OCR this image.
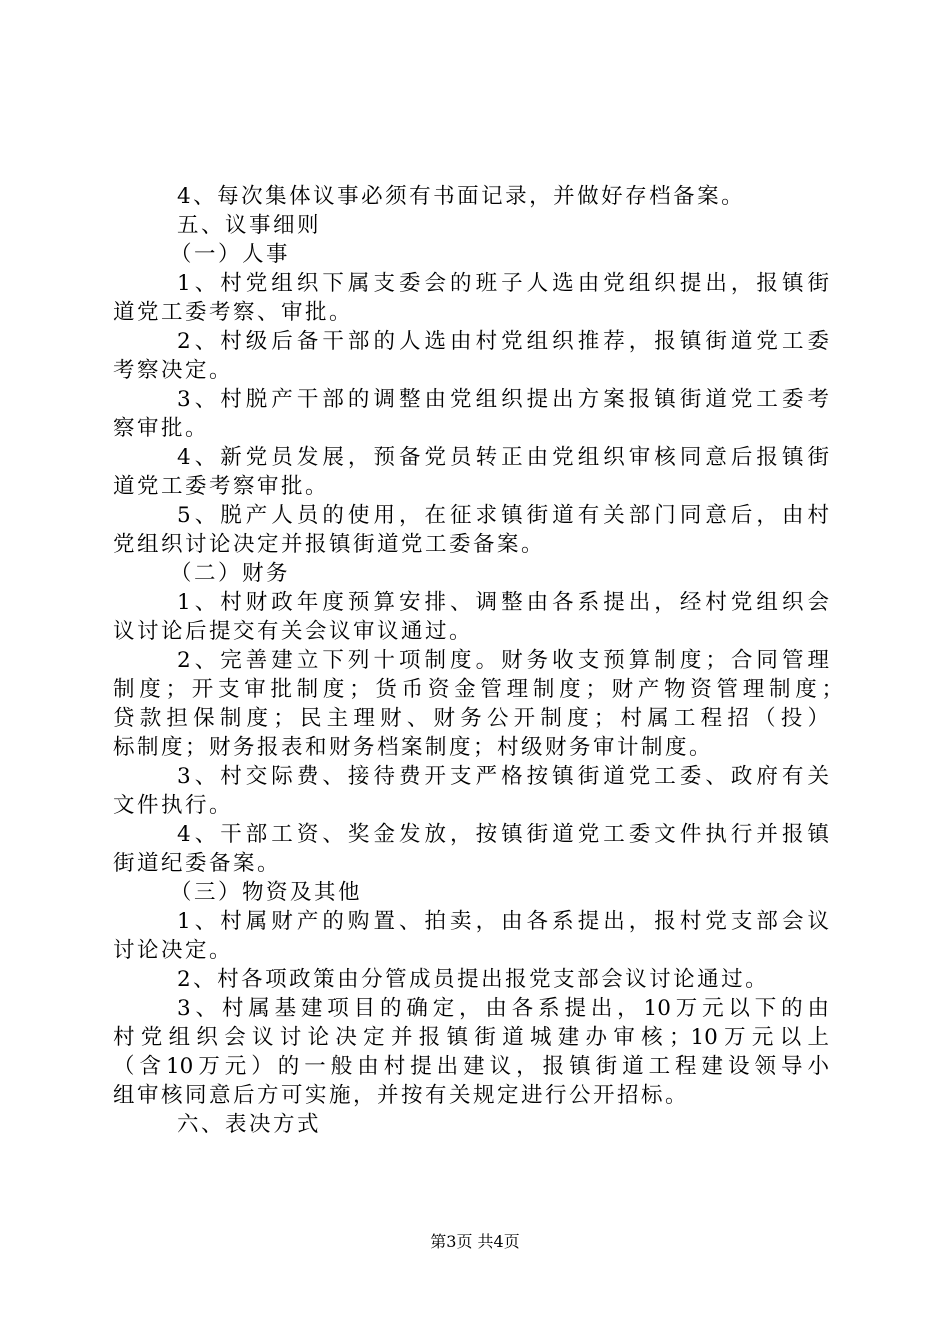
4、每次集体议事必须有书面记录，并做好存档备案。
五、议事细则
（一）人事
1、村党组织下属支委会的班子人选由党组织提出，报镇街
道党工委考察、审批。
2、村级后备干部的人选由村党组织推荐，报镇街道党工委
考察决定。
3、村脱产干部的调整由党组织提出方案报镇街道党工委考
察审批。
4、新党员发展，预备党员转正由党组织审核同意后报镇街
道党工委考察审批。
5、脱产人员的使用，在征求镇街道有关部门同意后，由村
党组织讨论决定并报镇街道党工委备案。
（二）财务
1、村财政年度预算安排、调整由各系提出，经村党组织会
议讨论后提交有关会议审议通过。
2、完善建立下列十项制度。财务收支预算制度；合同管理
制度；开支审批制度；货币资金管理制度；财产物资管理制度；
贷款担保制度；民主理财、财务公开制度；村属工程招（投）
标制度；财务报表和财务档案制度；村级财务审计制度。
3、村交际费、接待费开支严格按镇街道党工委、政府有关
文件执行。
4、干部工资、奖金发放，按镇街道党工委文件执行并报镇
街道纪委备案。
（三）物资及其他
1、村属财产的购置、拍卖，由各系提出，报村党支部会议
讨论决定。
2、村各项政策由分管成员提出报党支部会议讨论通过。
3、村属基建项目的确定，由各系提出，10万元以下的由
村党组织会议讨论决定并报镇街道城建办审核；10万元以上
（含10万元）的一般由村提出建议，报镇街道工程建设领导小
组审核同意后方可实施，并按有关规定进行公开招标。
六、表决方式
第3页 共4页
